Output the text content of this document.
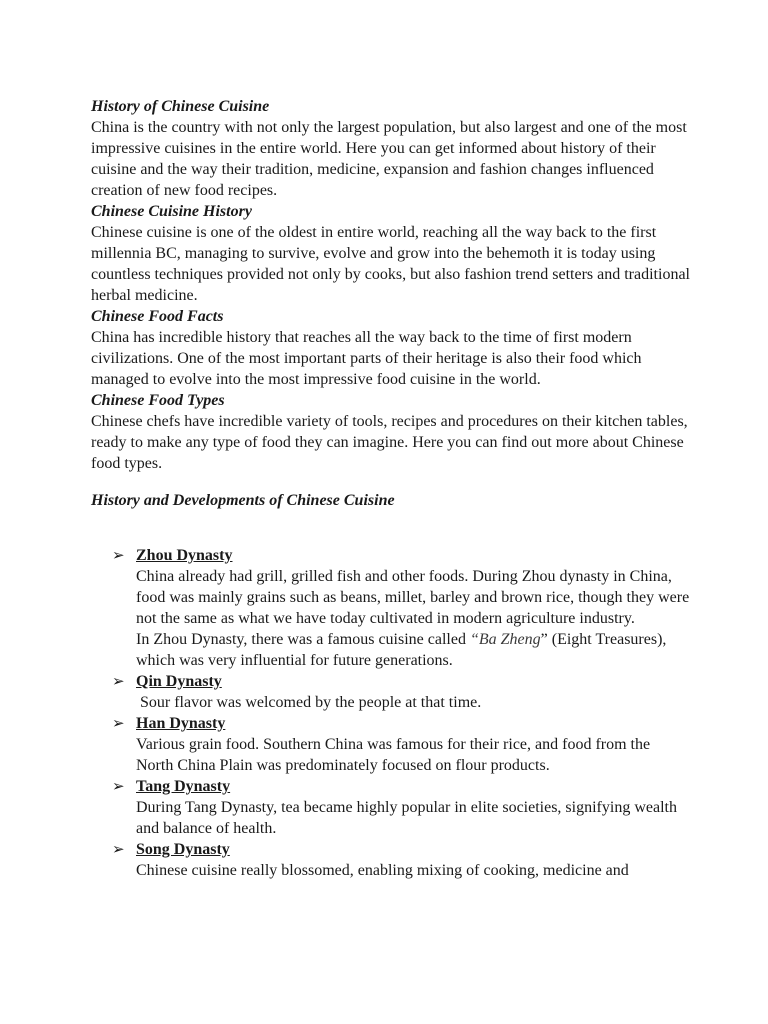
History of Chinese Cuisine

China is the country with not only the largest population, but also largest and one of the most impressive cuisines in the entire world. Here you can get informed about history of their cuisine and the way their tradition, medicine, expansion and fashion changes influenced creation of new food recipes.

Chinese Cuisine History

Chinese cuisine is one of the oldest in entire world, reaching all the way back to the first millennia BC, managing to survive, evolve and grow into the behemoth it is today using countless techniques provided not only by cooks, but also fashion trend setters and traditional herbal medicine.

Chinese Food Facts

China has incredible history that reaches all the way back to the time of first modern civilizations. One of the most important parts of their heritage is also their food which managed to evolve into the most impressive food cuisine in the world.

Chinese Food Types

Chinese chefs have incredible variety of tools, recipes and procedures on their kitchen tables, ready to make any type of food they can imagine. Here you can find out more about Chinese food types.

History and Developments of Chinese Cuisine

➢ Zhou Dynasty
China already had grill, grilled fish and other foods. During Zhou dynasty in China, food was mainly grains such as beans, millet, barley and brown rice, though they were not the same as what we have today cultivated in modern agriculture industry.
In Zhou Dynasty, there was a famous cuisine called “Ba Zheng” (Eight Treasures), which was very influential for future generations.
➢ Qin Dynasty
Sour flavor was welcomed by the people at that time.
➢ Han Dynasty
Various grain food. Southern China was famous for their rice, and food from the North China Plain was predominately focused on flour products.
➢ Tang Dynasty
During Tang Dynasty, tea became highly popular in elite societies, signifying wealth and balance of health.
➢ Song Dynasty
Chinese cuisine really blossomed, enabling mixing of cooking, medicine and
